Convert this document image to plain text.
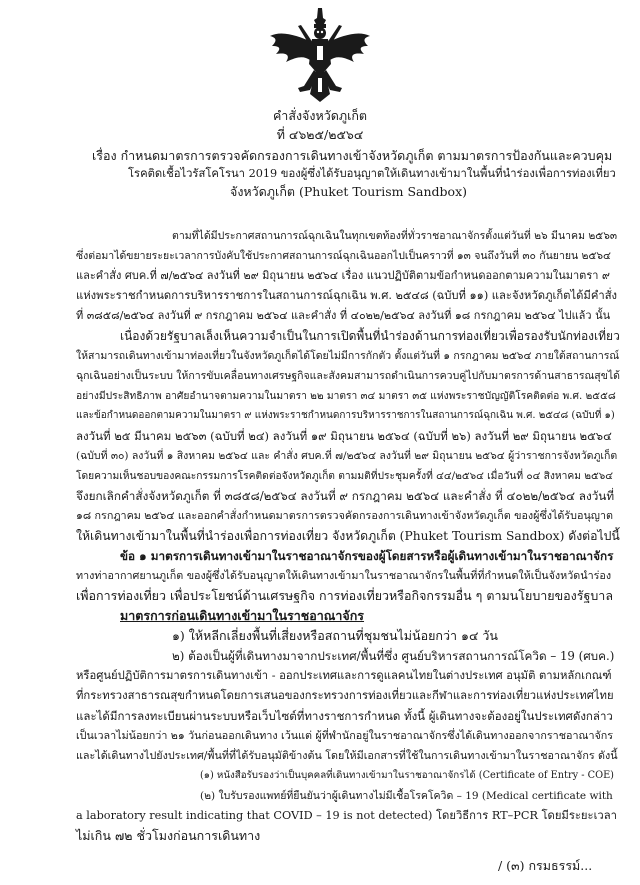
คำสั่งจังหวัดภูเก็ต
ที่ ๔๖๒๕/๒๕๖๔
เรื่อง กำหนดมาตรการตรวจคัดกรองการเดินทางเข้าจังหวัดภูเก็ต ตามมาตรการป้องกันและควบคุม
โรคติดเชื้อไวรัสโคโรนา 2019 ของผู้ซึ่งได้รับอนุญาตให้เดินทางเข้ามาในพื้นที่นำร่องเพื่อการท่องเที่ยว
จังหวัดภูเก็ต (Phuket Tourism Sandbox)
ตามที่ได้มีประกาศสถานการณ์ฉุกเฉินในทุกเขตท้องที่ทั่วราชอาณาจักรตั้งแต่วันที่ ๒๖ มีนาคม ๒๕๖๓
ซึ่งต่อมาได้ขยายระยะเวลาการบังคับใช้ประกาศสถานการณ์ฉุกเฉินออกไปเป็นคราวที่ ๑๓ จนถึงวันที่ ๓๐ กันยายน ๒๕๖๔
และคำสั่ง ศบค.ที่ ๗/๒๕๖๔ ลงวันที่ ๒๙ มิถุนายน ๒๕๖๔ เรื่อง แนวปฏิบัติตามข้อกำหนดออกตามความในมาตรา ๙
แห่งพระราชกำหนดการบริหารราชการในสถานการณ์ฉุกเฉิน พ.ศ. ๒๕๔๘ (ฉบับที่ ๑๑) และจังหวัดภูเก็ตได้มีคำสั่ง
ที่ ๓๘๕๘/๒๕๖๔ ลงวันที่ ๙ กรกฎาคม ๒๕๖๔ และคำสั่ง ที่ ๔๐๒๒/๒๕๖๔ ลงวันที่ ๑๘ กรกฎาคม ๒๕๖๔ ไปแล้ว นั้น
เนื่องด้วยรัฐบาลเล็งเห็นความจำเป็นในการเปิดพื้นที่นำร่องด้านการท่องเที่ยวเพื่อรองรับนักท่องเที่ยว
ให้สามารถเดินทางเข้ามาท่องเที่ยวในจังหวัดภูเก็ตได้โดยไม่มีการกักตัว ตั้งแต่วันที่ ๑ กรกฎาคม ๒๕๖๔ ภายใต้สถานการณ์
ฉุกเฉินอย่างเป็นระบบ ให้การขับเคลื่อนทางเศรษฐกิจและสังคมสามารถดำเนินการควบคู่ไปกับมาตรการด้านสาธารณสุขได้
อย่างมีประสิทธิภาพ อาศัยอำนาจตามความในมาตรา ๒๒ มาตรา ๓๔ มาตรา ๓๕ แห่งพระราชบัญญัติโรคติดต่อ พ.ศ. ๒๕๕๘
และข้อกำหนดออกตามความในมาตรา ๙ แห่งพระราชกำหนดการบริหารราชการในสถานการณ์ฉุกเฉิน พ.ศ. ๒๕๔๘ (ฉบับที่ ๑)
ลงวันที่ ๒๕ มีนาคม ๒๕๖๓ (ฉบับที่ ๒๔) ลงวันที่ ๑๙ มิถุนายน ๒๕๖๔ (ฉบับที่ ๒๖) ลงวันที่ ๒๙ มิถุนายน ๒๕๖๔
(ฉบับที่ ๓๐) ลงวันที่ ๑ สิงหาคม ๒๕๖๔ และ คำสั่ง ศบค.ที่ ๗/๒๕๖๔ ลงวันที่ ๒๙ มิถุนายน ๒๕๖๔ ผู้ว่าราชการจังหวัดภูเก็ต
โดยความเห็นชอบของคณะกรรมการโรคติดต่อจังหวัดภูเก็ต ตามมติที่ประชุมครั้งที่ ๔๔/๒๕๖๔ เมื่อวันที่ ๐๔ สิงหาคม ๒๕๖๔
จึงยกเลิกคำสั่งจังหวัดภูเก็ต ที่ ๓๘๕๘/๒๕๖๔ ลงวันที่ ๙ กรกฎาคม ๒๕๖๔ และคำสั่ง ที่ ๔๐๒๒/๒๕๖๔ ลงวันที่
๑๘ กรกฎาคม ๒๕๖๔ และออกคำสั่งกำหนดมาตรการตรวจคัดกรองการเดินทางเข้าจังหวัดภูเก็ต ของผู้ซึ่งได้รับอนุญาต
ให้เดินทางเข้ามาในพื้นที่นำร่องเพื่อการท่องเที่ยว จังหวัดภูเก็ต (Phuket Tourism Sandbox) ดังต่อไปนี้
ข้อ ๑ มาตรการเดินทางเข้ามาในราชอาณาจักรของผู้โดยสารหรือผู้เดินทางเข้ามาในราชอาณาจักร
ทางท่าอากาศยานภูเก็ต ของผู้ซึ่งได้รับอนุญาตให้เดินทางเข้ามาในราชอาณาจักรในพื้นที่ที่กำหนดให้เป็นจังหวัดนำร่อง
เพื่อการท่องเที่ยว เพื่อประโยชน์ด้านเศรษฐกิจ การท่องเที่ยวหรือกิจกรรมอื่น ๆ ตามนโยบายของรัฐบาล
มาตรการก่อนเดินทางเข้ามาในราชอาณาจักร
๑) ให้หลีกเลี่ยงพื้นที่เสี่ยงหรือสถานที่ชุมชนไม่น้อยกว่า ๑๔ วัน
๒) ต้องเป็นผู้ที่เดินทางมาจากประเทศ/พื้นที่ซึ่ง ศูนย์บริหารสถานการณ์โควิด – 19 (ศบค.)
หรือศูนย์ปฏิบัติการมาตรการเดินทางเข้า - ออกประเทศและการดูแลคนไทยในต่างประเทศ อนุมัติ ตามหลักเกณฑ์
ที่กระทรวงสาธารณสุขกำหนดโดยการเสนอของกระทรวงการท่องเที่ยวและกีฬาและการท่องเที่ยวแห่งประเทศไทย
และได้มีการลงทะเบียนผ่านระบบหรือเว็บไซต์ที่ทางราชการกำหนด ทั้งนี้ ผู้เดินทางจะต้องอยู่ในประเทศดังกล่าว
เป็นเวลาไม่น้อยกว่า ๒๑ วันก่อนออกเดินทาง เว้นแต่ ผู้ที่พำนักอยู่ในราชอาณาจักรซึ่งได้เดินทางออกจากราชอาณาจักร
และได้เดินทางไปยังประเทศ/พื้นที่ที่ได้รับอนุมัติข้างต้น โดยให้มีเอกสารที่ใช้ในการเดินทางเข้ามาในราชอาณาจักร ดังนี้
(๑) หนังสือรับรองว่าเป็นบุคคลที่เดินทางเข้ามาในราชอาณาจักรได้ (Certificate of Entry - COE)
(๒) ใบรับรองแพทย์ที่ยืนยันว่าผู้เดินทางไม่มีเชื้อโรคโควิด – 19 (Medical certificate with
a laboratory result indicating that COVID – 19 is not detected) โดยวิธีการ RT–PCR โดยมีระยะเวลา
ไม่เกิน ๗๒ ชั่วโมงก่อนการเดินทาง
/ (๓) กรมธรรม์...
